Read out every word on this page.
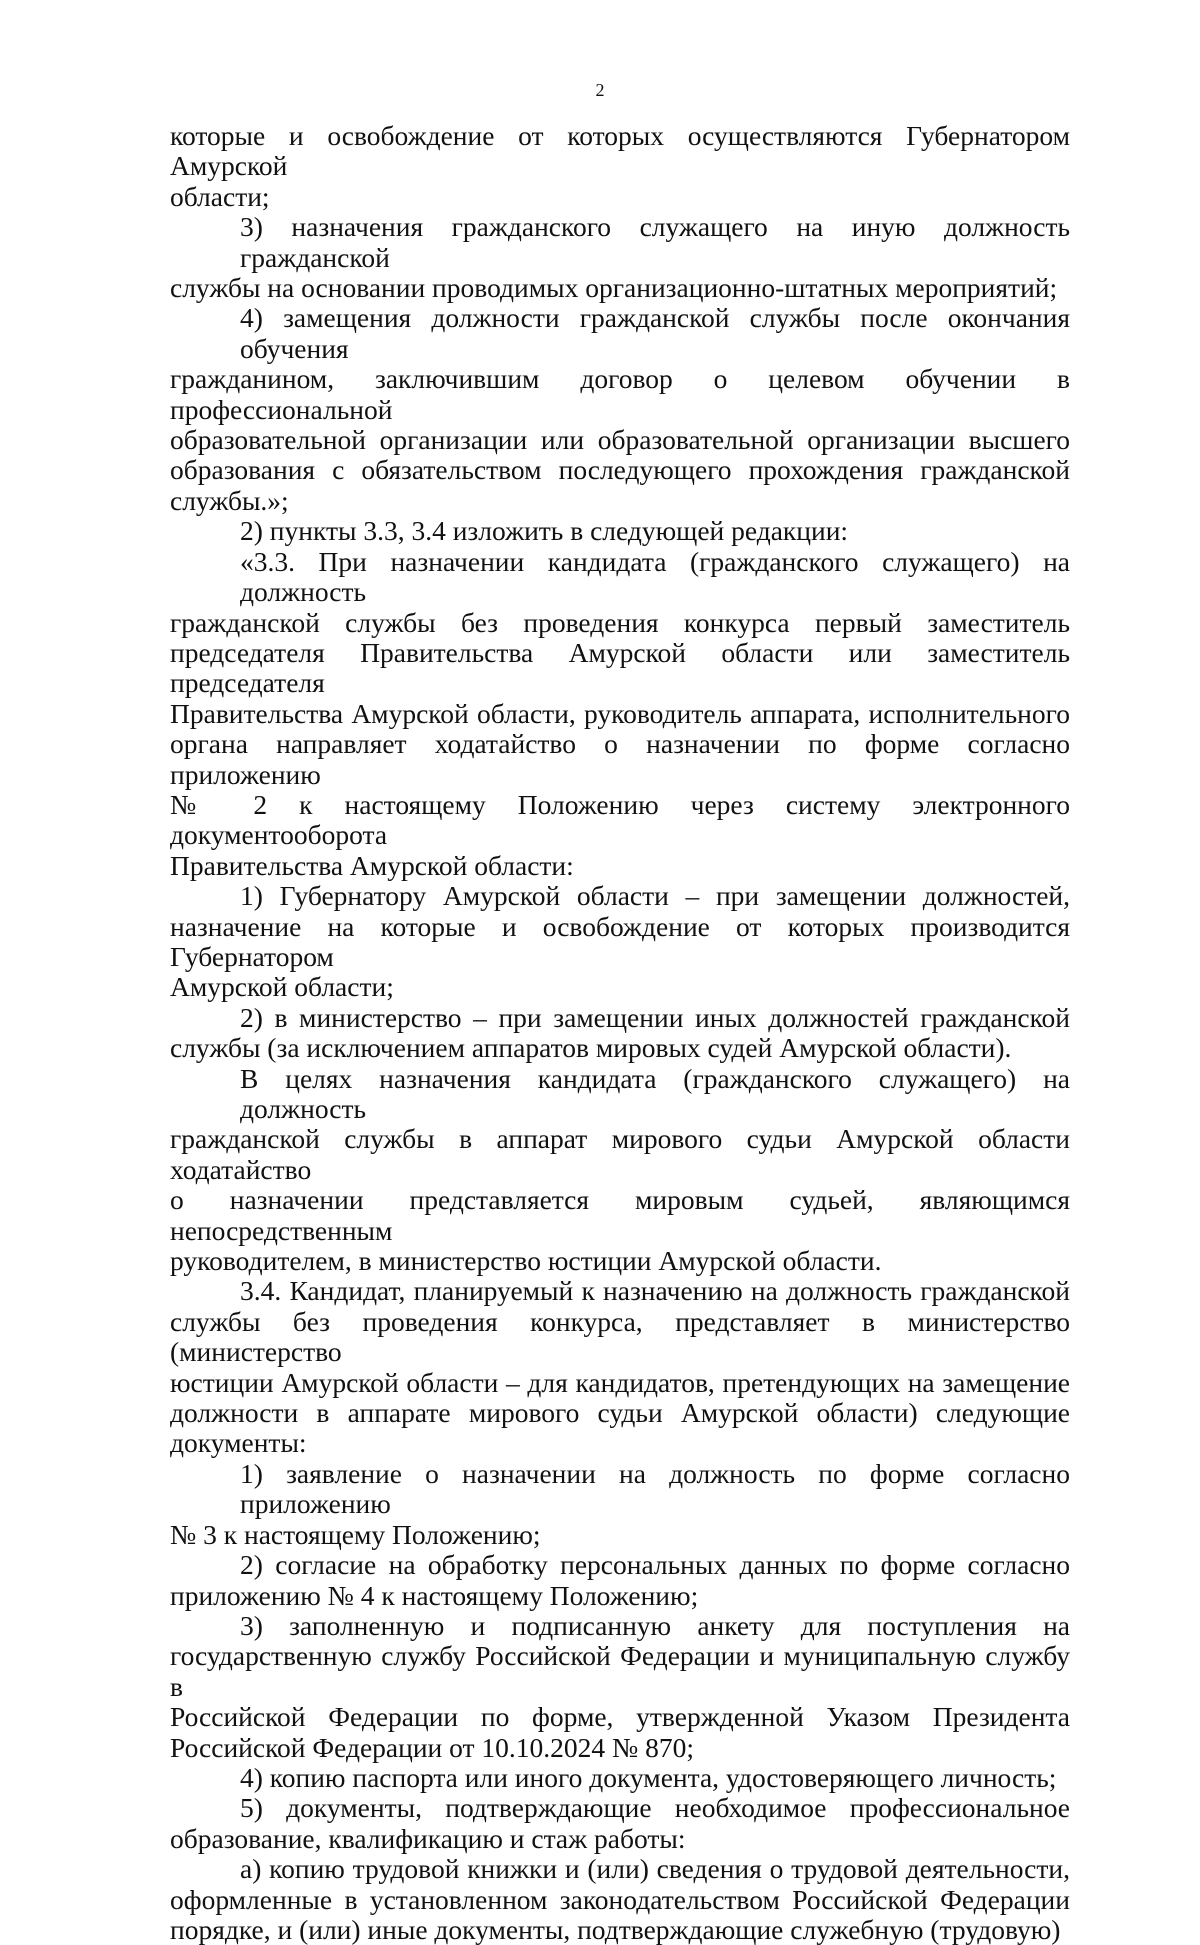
2
которые и освобождение от которых осуществляются Губернатором Амурской
области;
3) назначения гражданского служащего на иную должность гражданской
службы на основании проводимых организационно-штатных мероприятий;
4) замещения должности гражданской службы после окончания обучения
гражданином, заключившим договор о целевом обучении в профессиональной
образовательной организации или образовательной организации высшего
образования с обязательством последующего прохождения гражданской
службы.»;
2) пункты 3.3, 3.4 изложить в следующей редакции:
«3.3. При назначении кандидата (гражданского служащего) на должность
гражданской службы без проведения конкурса первый заместитель
председателя Правительства Амурской области или заместитель председателя
Правительства Амурской области, руководитель аппарата, исполнительного
органа направляет ходатайство о назначении по форме согласно приложению
№ 2 к настоящему Положению через систему электронного документооборота
Правительства Амурской области:
1) Губернатору Амурской области – при замещении должностей,
назначение на которые и освобождение от которых производится Губернатором
Амурской области;
2) в министерство – при замещении иных должностей гражданской
службы (за исключением аппаратов мировых судей Амурской области).
В целях назначения кандидата (гражданского служащего) на должность
гражданской службы в аппарат мирового судьи Амурской области ходатайство
о назначении представляется мировым судьей, являющимся непосредственным
руководителем, в министерство юстиции Амурской области.
3.4. Кандидат, планируемый к назначению на должность гражданской
службы без проведения конкурса, представляет в министерство (министерство
юстиции Амурской области – для кандидатов, претендующих на замещение
должности в аппарате мирового судьи Амурской области) следующие
документы:
1) заявление о назначении на должность по форме согласно приложению
№ 3 к настоящему Положению;
2) согласие на обработку персональных данных по форме согласно
приложению № 4 к настоящему Положению;
3) заполненную и подписанную анкету для поступления на
государственную службу Российской Федерации и муниципальную службу в
Российской Федерации по форме, утвержденной Указом Президента
Российской Федерации от 10.10.2024 № 870;
4) копию паспорта или иного документа, удостоверяющего личность;
5) документы, подтверждающие необходимое профессиональное
образование, квалификацию и стаж работы:
а) копию трудовой книжки и (или) сведения о трудовой деятельности,
оформленные в установленном законодательством Российской Федерации
порядке, и (или) иные документы, подтверждающие служебную (трудовую)
